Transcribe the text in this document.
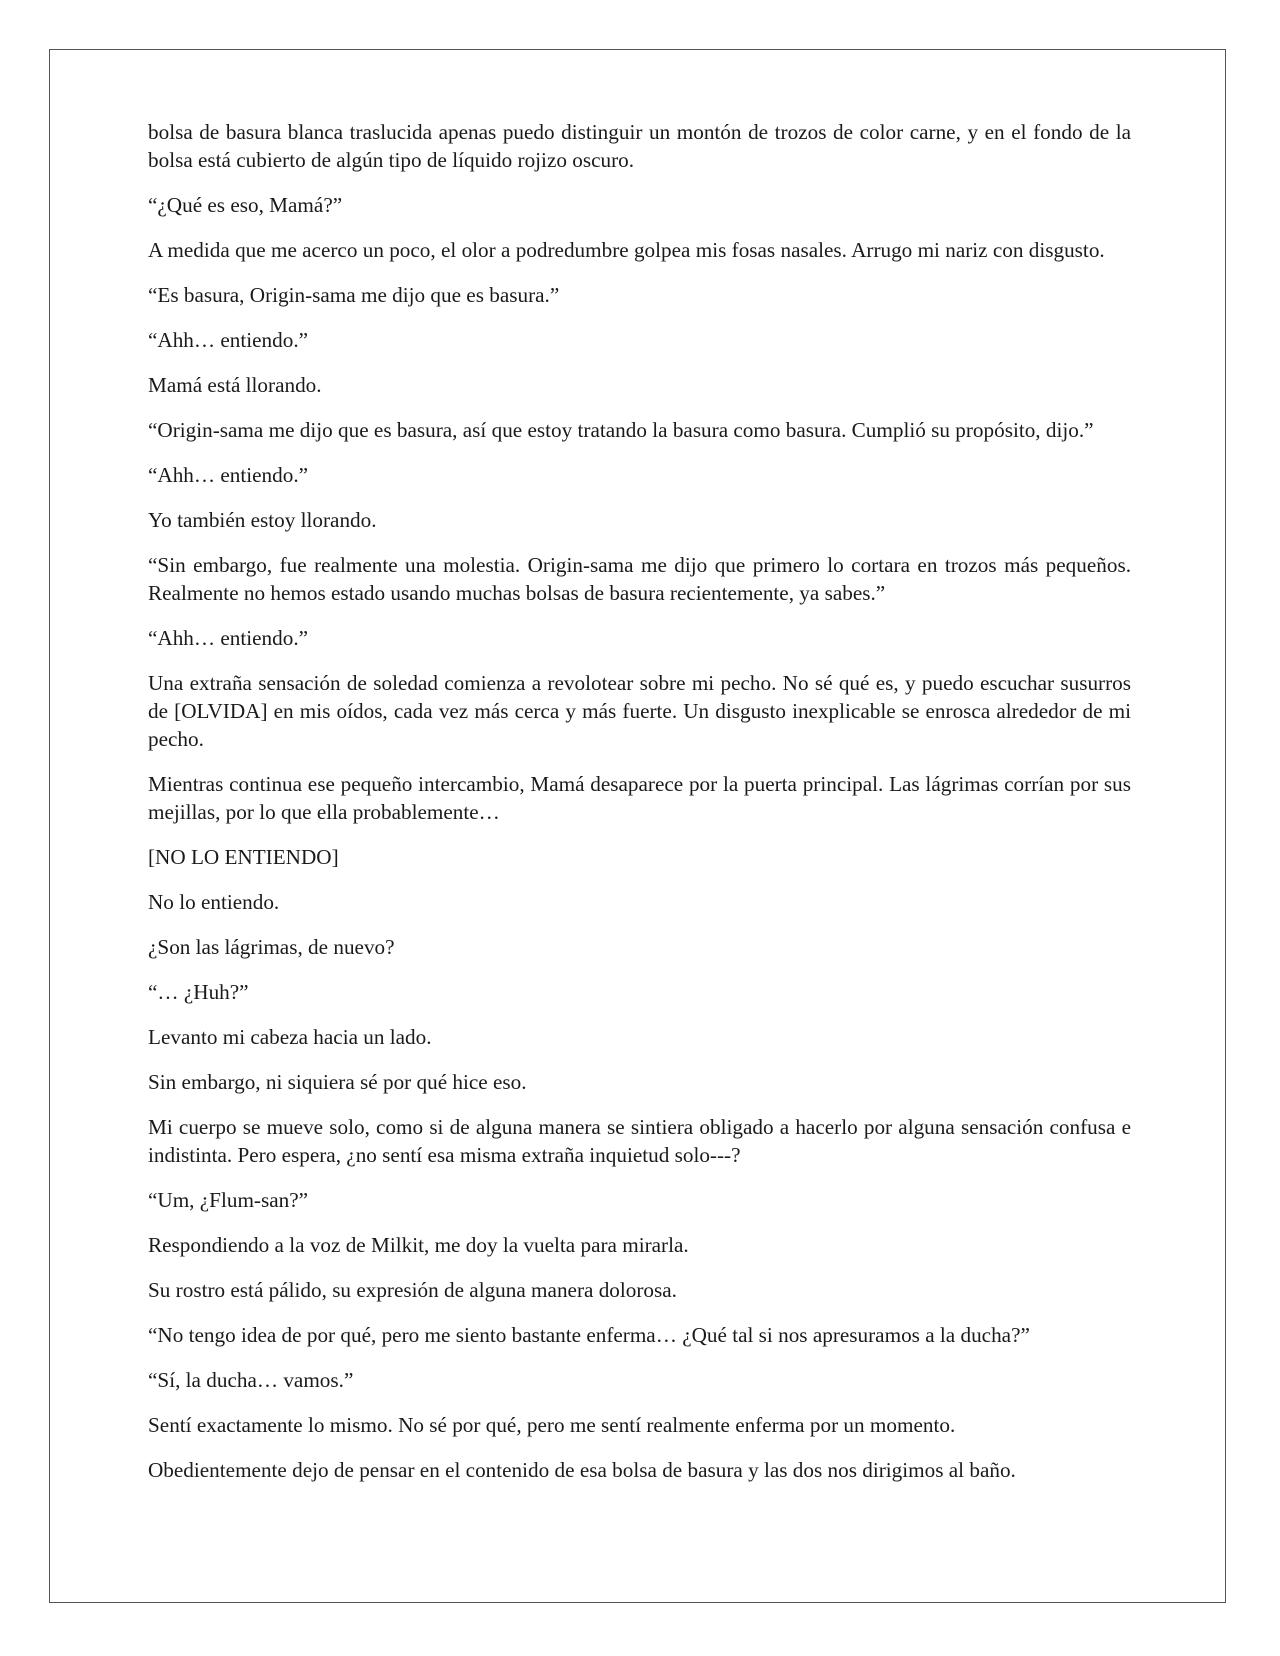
bolsa de basura blanca traslucida apenas puedo distinguir un montón de trozos de color carne, y en el fondo de la bolsa está cubierto de algún tipo de líquido rojizo oscuro.

“¿Qué es eso, Mamá?”

A medida que me acerco un poco, el olor a podredumbre golpea mis fosas nasales. Arrugo mi nariz con disgusto.

“Es basura, Origin-sama me dijo que es basura.”

“Ahh… entiendo.”

Mamá está llorando.

“Origin-sama me dijo que es basura, así que estoy tratando la basura como basura. Cumplió su propósito, dijo.”

“Ahh… entiendo.”

Yo también estoy llorando.

“Sin embargo, fue realmente una molestia. Origin-sama me dijo que primero lo cortara en trozos más pequeños. Realmente no hemos estado usando muchas bolsas de basura recientemente, ya sabes.”

“Ahh… entiendo.”

Una extraña sensación de soledad comienza a revolotear sobre mi pecho. No sé qué es, y puedo escuchar susurros de [OLVIDA] en mis oídos, cada vez más cerca y más fuerte. Un disgusto inexplicable se enrosca alrededor de mi pecho.

Mientras continua ese pequeño intercambio, Mamá desaparece por la puerta principal. Las lágrimas corrían por sus mejillas, por lo que ella probablemente…

[NO LO ENTIENDO]

No lo entiendo.

¿Son las lágrimas, de nuevo?

“… ¿Huh?”

Levanto mi cabeza hacia un lado.

Sin embargo, ni siquiera sé por qué hice eso.

Mi cuerpo se mueve solo, como si de alguna manera se sintiera obligado a hacerlo por alguna sensación confusa e indistinta. Pero espera, ¿no sentí esa misma extraña inquietud solo---?

“Um, ¿Flum-san?”

Respondiendo a la voz de Milkit, me doy la vuelta para mirarla.

Su rostro está pálido, su expresión de alguna manera dolorosa.

“No tengo idea de por qué, pero me siento bastante enferma… ¿Qué tal si nos apresuramos a la ducha?”

“Sí, la ducha… vamos.”

Sentí exactamente lo mismo. No sé por qué, pero me sentí realmente enferma por un momento.

Obedientemente dejo de pensar en el contenido de esa bolsa de basura y las dos nos dirigimos al baño.
